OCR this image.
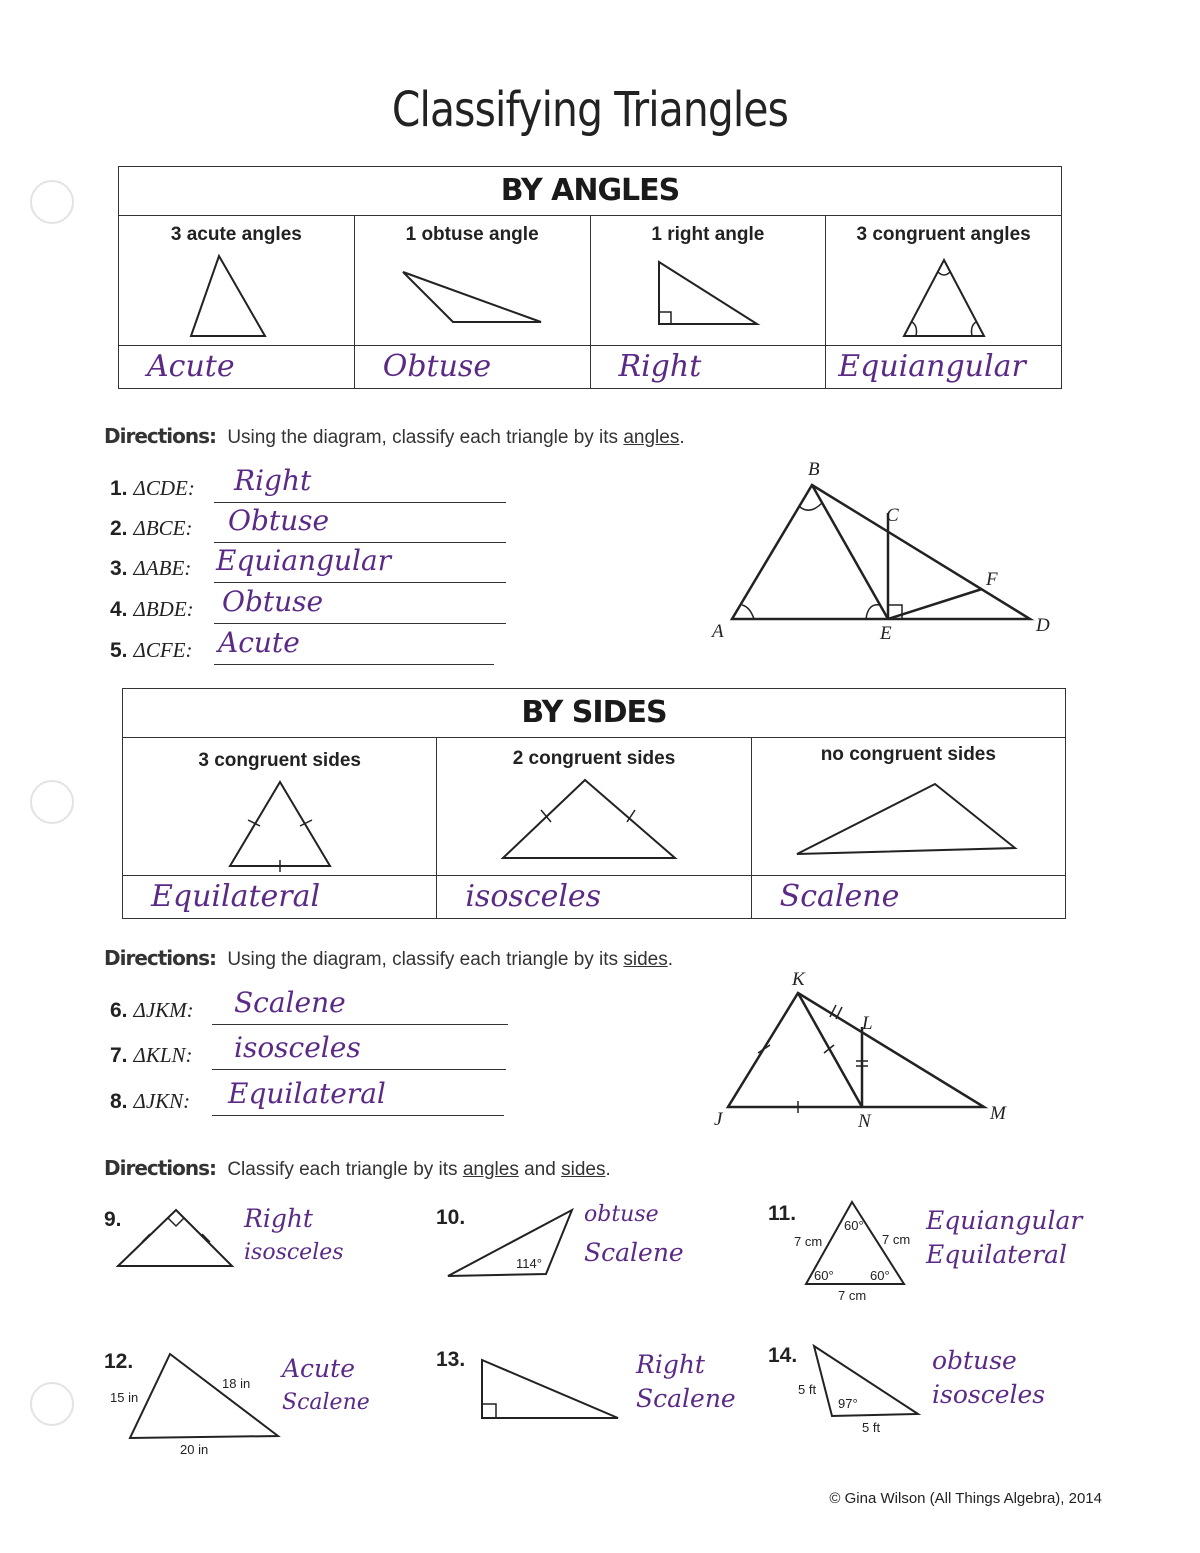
Classifying Triangles
BY ANGLES			

3 acute angles	1 obtuse angle	1 right angle	3 congruent angles

Acute	Obtuse	Right	Equiangular
Directions: Using the diagram, classify each triangle by its angles.
1. ΔCDE: Right
2. ΔBCE: Obtuse
3. ΔABE: Equiangular
4. ΔBDE: Obtuse
5. ΔCFE: Acute
B
C
F
A	E	D
BY SIDES		

3 congruent sides	2 congruent sides	no congruent sides

Equilateral	isosceles	Scalene
Directions: Using the diagram, classify each triangle by its sides.
6. ΔJKM: Scalene
7. ΔKLN: isosceles
8. ΔJKN: Equilateral
K
L
J	N	M
Directions: Classify each triangle by its angles and sides.
9.	Right
isosceles
10.
114°
obtuse
Scalene
11.
7 cm	7 cm
7 cm
60°
60°	60°
Equiangular
Equilateral
12.
15 in
18 in
20 in
Acute
Scalene
13.	Right
Scalene
14.
5 ft
97°
5 ft
obtuse
isosceles
© Gina Wilson (All Things Algebra), 2014
